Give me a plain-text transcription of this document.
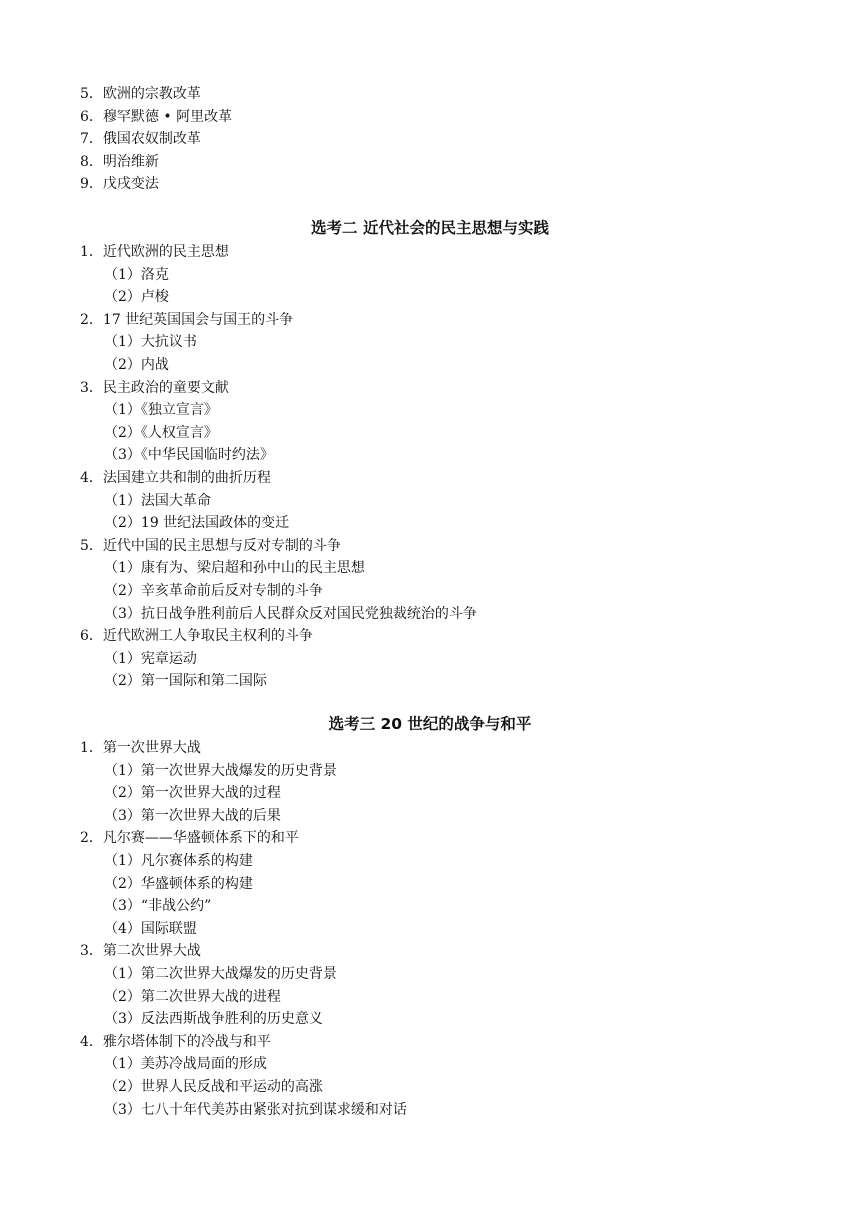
5．欧洲的宗教改革
6．穆罕默德 • 阿里改革
7．俄国农奴制改革
8．明治维新
9．戊戌变法
选考二 近代社会的民主思想与实践
1．近代欧洲的民主思想
（1）洛克
（2）卢梭
2．17 世纪英国国会与国王的斗争
（1）大抗议书
（2）内战
3．民主政治的童要文献
（1）《独立宣言》
（2）《人权宣言》
（3）《中华民国临时约法》
4．法国建立共和制的曲折历程
（1）法国大革命
（2）19 世纪法国政体的变迁
5．近代中国的民主思想与反对专制的斗争
（1）康有为、梁启超和孙中山的民主思想
（2）辛亥革命前后反对专制的斗争
（3）抗日战争胜利前后人民群众反对国民党独裁统治的斗争
6．近代欧洲工人争取民主权利的斗争
（1）宪章运动
（2）第一国际和第二国际
选考三 20 世纪的战争与和平
1．第一次世界大战
（1）第一次世界大战爆发的历史背景
（2）第一次世界大战的过程
（3）第一次世界大战的后果
2．凡尔赛——华盛顿体系下的和平
（1）凡尔赛体系的构建
（2）华盛顿体系的构建
（3）“非战公约”
（4）国际联盟
3．第二次世界大战
（1）第二次世界大战爆发的历史背景
（2）第二次世界大战的进程
（3）反法西斯战争胜利的历史意义
4．雅尔塔体制下的冷战与和平
（1）美苏冷战局面的形成
（2）世界人民反战和平运动的高涨
（3）七八十年代美苏由紧张对抗到谋求缓和对话
